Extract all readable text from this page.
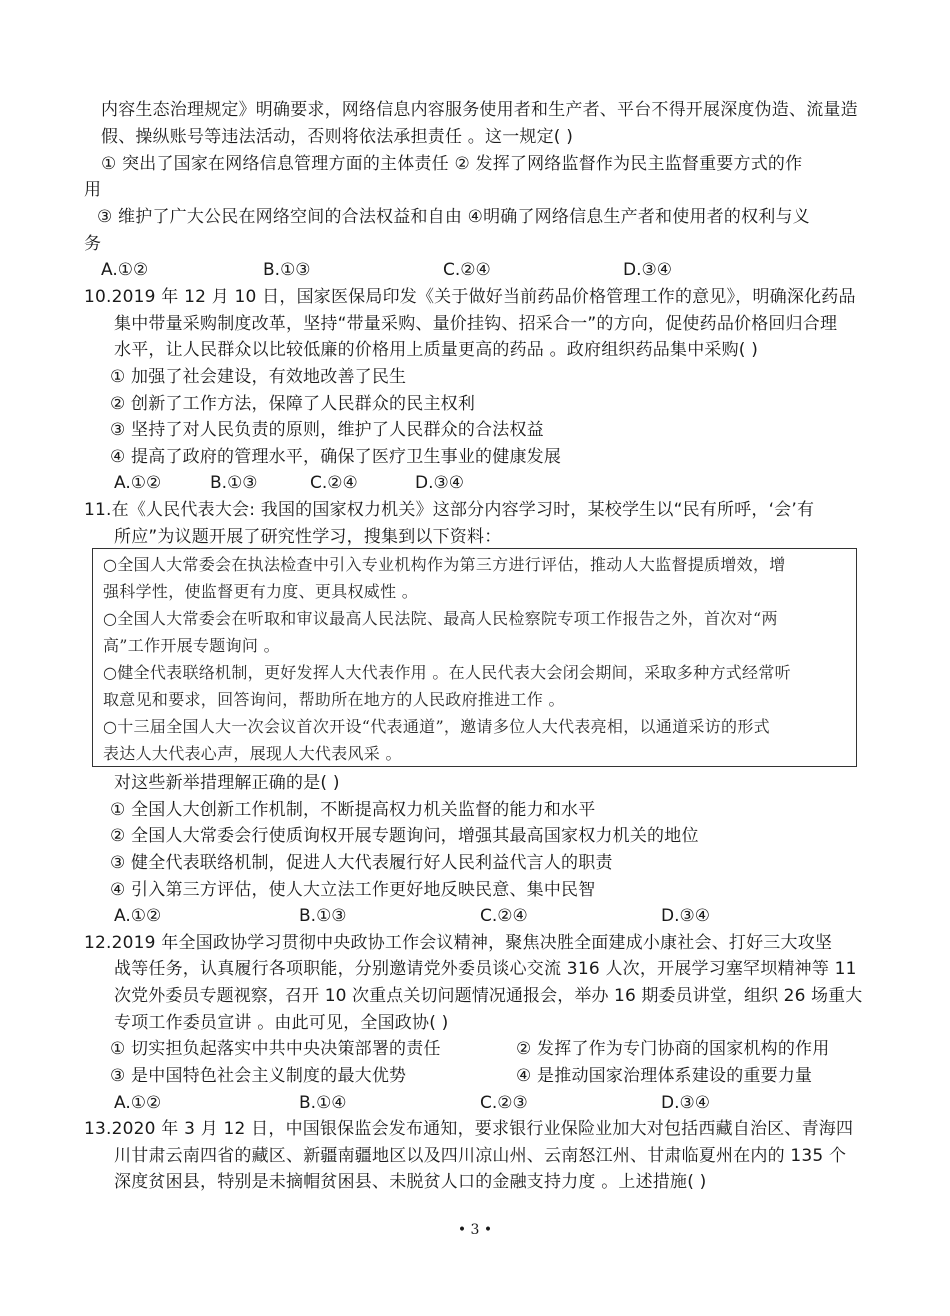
内容生态治理规定》明确要求，网络信息内容服务使用者和生产者、平台不得开展深度伪造、流量造
假、操纵账号等违法活动，否则将依法承担责任 。这一规定( )
① 突出了国家在网络信息管理方面的主体责任 ② 发挥了网络监督作为民主监督重要方式的作
用
③ 维护了广大公民在网络空间的合法权益和自由 ④明确了网络信息生产者和使用者的权利与义
务
A.①②	B.①③	C.②④	D.③④
10.2019 年 12 月 10 日，国家医保局印发《关于做好当前药品价格管理工作的意见》，明确深化药品
集中带量采购制度改革，坚持“带量采购、量价挂钩、招采合一”的方向，促使药品价格回归合理
水平，让人民群众以比较低廉的价格用上质量更高的药品 。政府组织药品集中采购( )
① 加强了社会建设，有效地改善了民生
② 创新了工作方法，保障了人民群众的民主权利
③ 坚持了对人民负责的原则，维护了人民群众的合法权益
④ 提高了政府的管理水平，确保了医疗卫生事业的健康发展
A.①②	B.①③	C.②④	D.③④
11.在《人民代表大会: 我国的国家权力机关》这部分内容学习时，某校学生以“民有所呼，‘会’有
所应”为议题开展了研究性学习，搜集到以下资料：
○全国人大常委会在执法检查中引入专业机构作为第三方进行评估，推动人大监督提质增效，增
强科学性，使监督更有力度、更具权威性 。
○全国人大常委会在听取和审议最高人民法院、最高人民检察院专项工作报告之外，首次对“两
高”工作开展专题询问 。
○健全代表联络机制，更好发挥人大代表作用 。在人民代表大会闭会期间，采取多种方式经常听
取意见和要求，回答询问，帮助所在地方的人民政府推进工作 。
○十三届全国人大一次会议首次开设“代表通道”，邀请多位人大代表亮相，以通道采访的形式
表达人大代表心声，展现人大代表风采 。
对这些新举措理解正确的是( )
① 全国人大创新工作机制，不断提高权力机关监督的能力和水平
② 全国人大常委会行使质询权开展专题询问，增强其最高国家权力机关的地位
③ 健全代表联络机制，促进人大代表履行好人民利益代言人的职责
④ 引入第三方评估，使人大立法工作更好地反映民意、集中民智
A.①②	B.①③	C.②④	D.③④
12.2019 年全国政协学习贯彻中央政协工作会议精神，聚焦决胜全面建成小康社会、打好三大攻坚
战等任务，认真履行各项职能，分别邀请党外委员谈心交流 316 人次，开展学习塞罕坝精神等 11
次党外委员专题视察，召开 10 次重点关切问题情况通报会，举办 16 期委员讲堂，组织 26 场重大
专项工作委员宣讲 。由此可见，全国政协( )
① 切实担负起落实中共中央决策部署的责任	② 发挥了作为专门协商的国家机构的作用
③ 是中国特色社会主义制度的最大优势	④ 是推动国家治理体系建设的重要力量
A.①②	B.①④	C.②③	D.③④
13.2020 年 3 月 12 日，中国银保监会发布通知，要求银行业保险业加大对包括西藏自治区、青海四
川甘肃云南四省的藏区、新疆南疆地区以及四川凉山州、云南怒江州、甘肃临夏州在内的 135 个
深度贫困县，特别是未摘帽贫困县、未脱贫人口的金融支持力度 。上述措施( )
• 3 •
